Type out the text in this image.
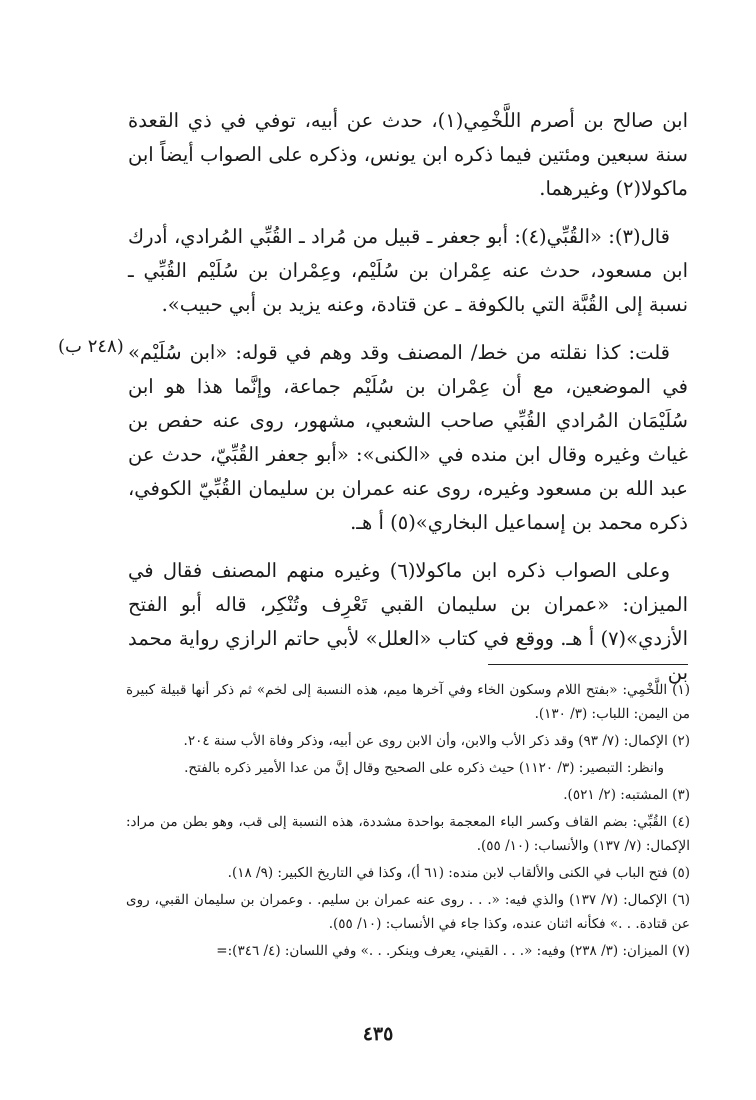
ابن صالح بن أصرم اللَّخْمِي(١)، حدث عن أبيه، توفي في ذي القعدة سنة سبعين ومئتين فيما ذكره ابن يونس، وذكره على الصواب أيضاً ابن ماكولا(٢) وغيرهما.

قال(٣): «القُبِّي(٤): أبو جعفر ـ قبيل من مُراد ـ القُبِّي المُرادي، أدرك ابن مسعود، حدث عنه عِمْران بن سُلَيْم، وعِمْران بن سُلَيْم القُبِّي ـ نسبة إلى القُبَّة التي بالكوفة ـ عن قتادة، وعنه يزيد بن أبي حبيب».

قلت: كذا نقلته من خط/ المصنف وقد وهم في قوله: «ابن سُلَيْم» في الموضعين، مع أن عِمْران بن سُلَيْم جماعة، وإنَّما هذا هو ابن سُلَيْمَان المُرادي القُبِّي صاحب الشعبي، مشهور، روى عنه حفص بن غياث وغيره وقال ابن منده في «الكنى»: «أبو جعفر القُبِّيّ، حدث عن عبد الله بن مسعود وغيره، روى عنه عمران بن سليمان القُبِّيّ الكوفي، ذكره محمد بن إسماعيل البخاري»(٥) أ هـ.

وعلى الصواب ذكره ابن ماكولا(٦) وغيره منهم المصنف فقال في الميزان: «عمران بن سليمان القبي تَعْرِف وتُنْكِر، قاله أبو الفتح الأزدي»(٧) أ هـ. ووقع في كتاب «العلل» لأبي حاتم الرازي رواية محمد بن

(٢٤٨ ب)

(١) اللَّخْمِي: «بفتح اللام وسكون الخاء وفي آخرها ميم، هذه النسبة إلى لخم» ثم ذكر أنها قبيلة كبيرة من اليمن: اللباب: (٣/ ١٣٠).

(٢) الإكمال: (٧/ ٩٣) وقد ذكر الأب والابن، وأن الابن روى عن أبيه، وذكر وفاة الأب سنة ٢٠٤.

وانظر: التبصير: (٣/ ١١٢٠) حيث ذكره على الصحيح وقال إنَّ من عدا الأمير ذكره بالفتح.

(٣) المشتبه: (٢/ ٥٢١).

(٤) القُبِّي: بضم القاف وكسر الباء المعجمة بواحدة مشددة، هذه النسبة إلى قب، وهو بطن من مراد: الإكمال: (٧/ ١٣٧) والأنساب: (١٠/ ٥٥).

(٥) فتح الباب في الكنى والألقاب لابن منده: (٦١ أ)، وكذا في التاريخ الكبير: (٩/ ١٨).

(٦) الإكمال: (٧/ ١٣٧) والذي فيه: «. . . روى عنه عمران بن سليم. . وعمران بن سليمان القبي، روى عن قتادة. . .» فكأنه اثنان عنده، وكذا جاء في الأنساب: (١٠/ ٥٥).

(٧) الميزان: (٣/ ٢٣٨) وفيه: «. . . القيني، يعرف وينكر. . .» وفي اللسان: (٤/ ٣٤٦):=

٤٣٥
